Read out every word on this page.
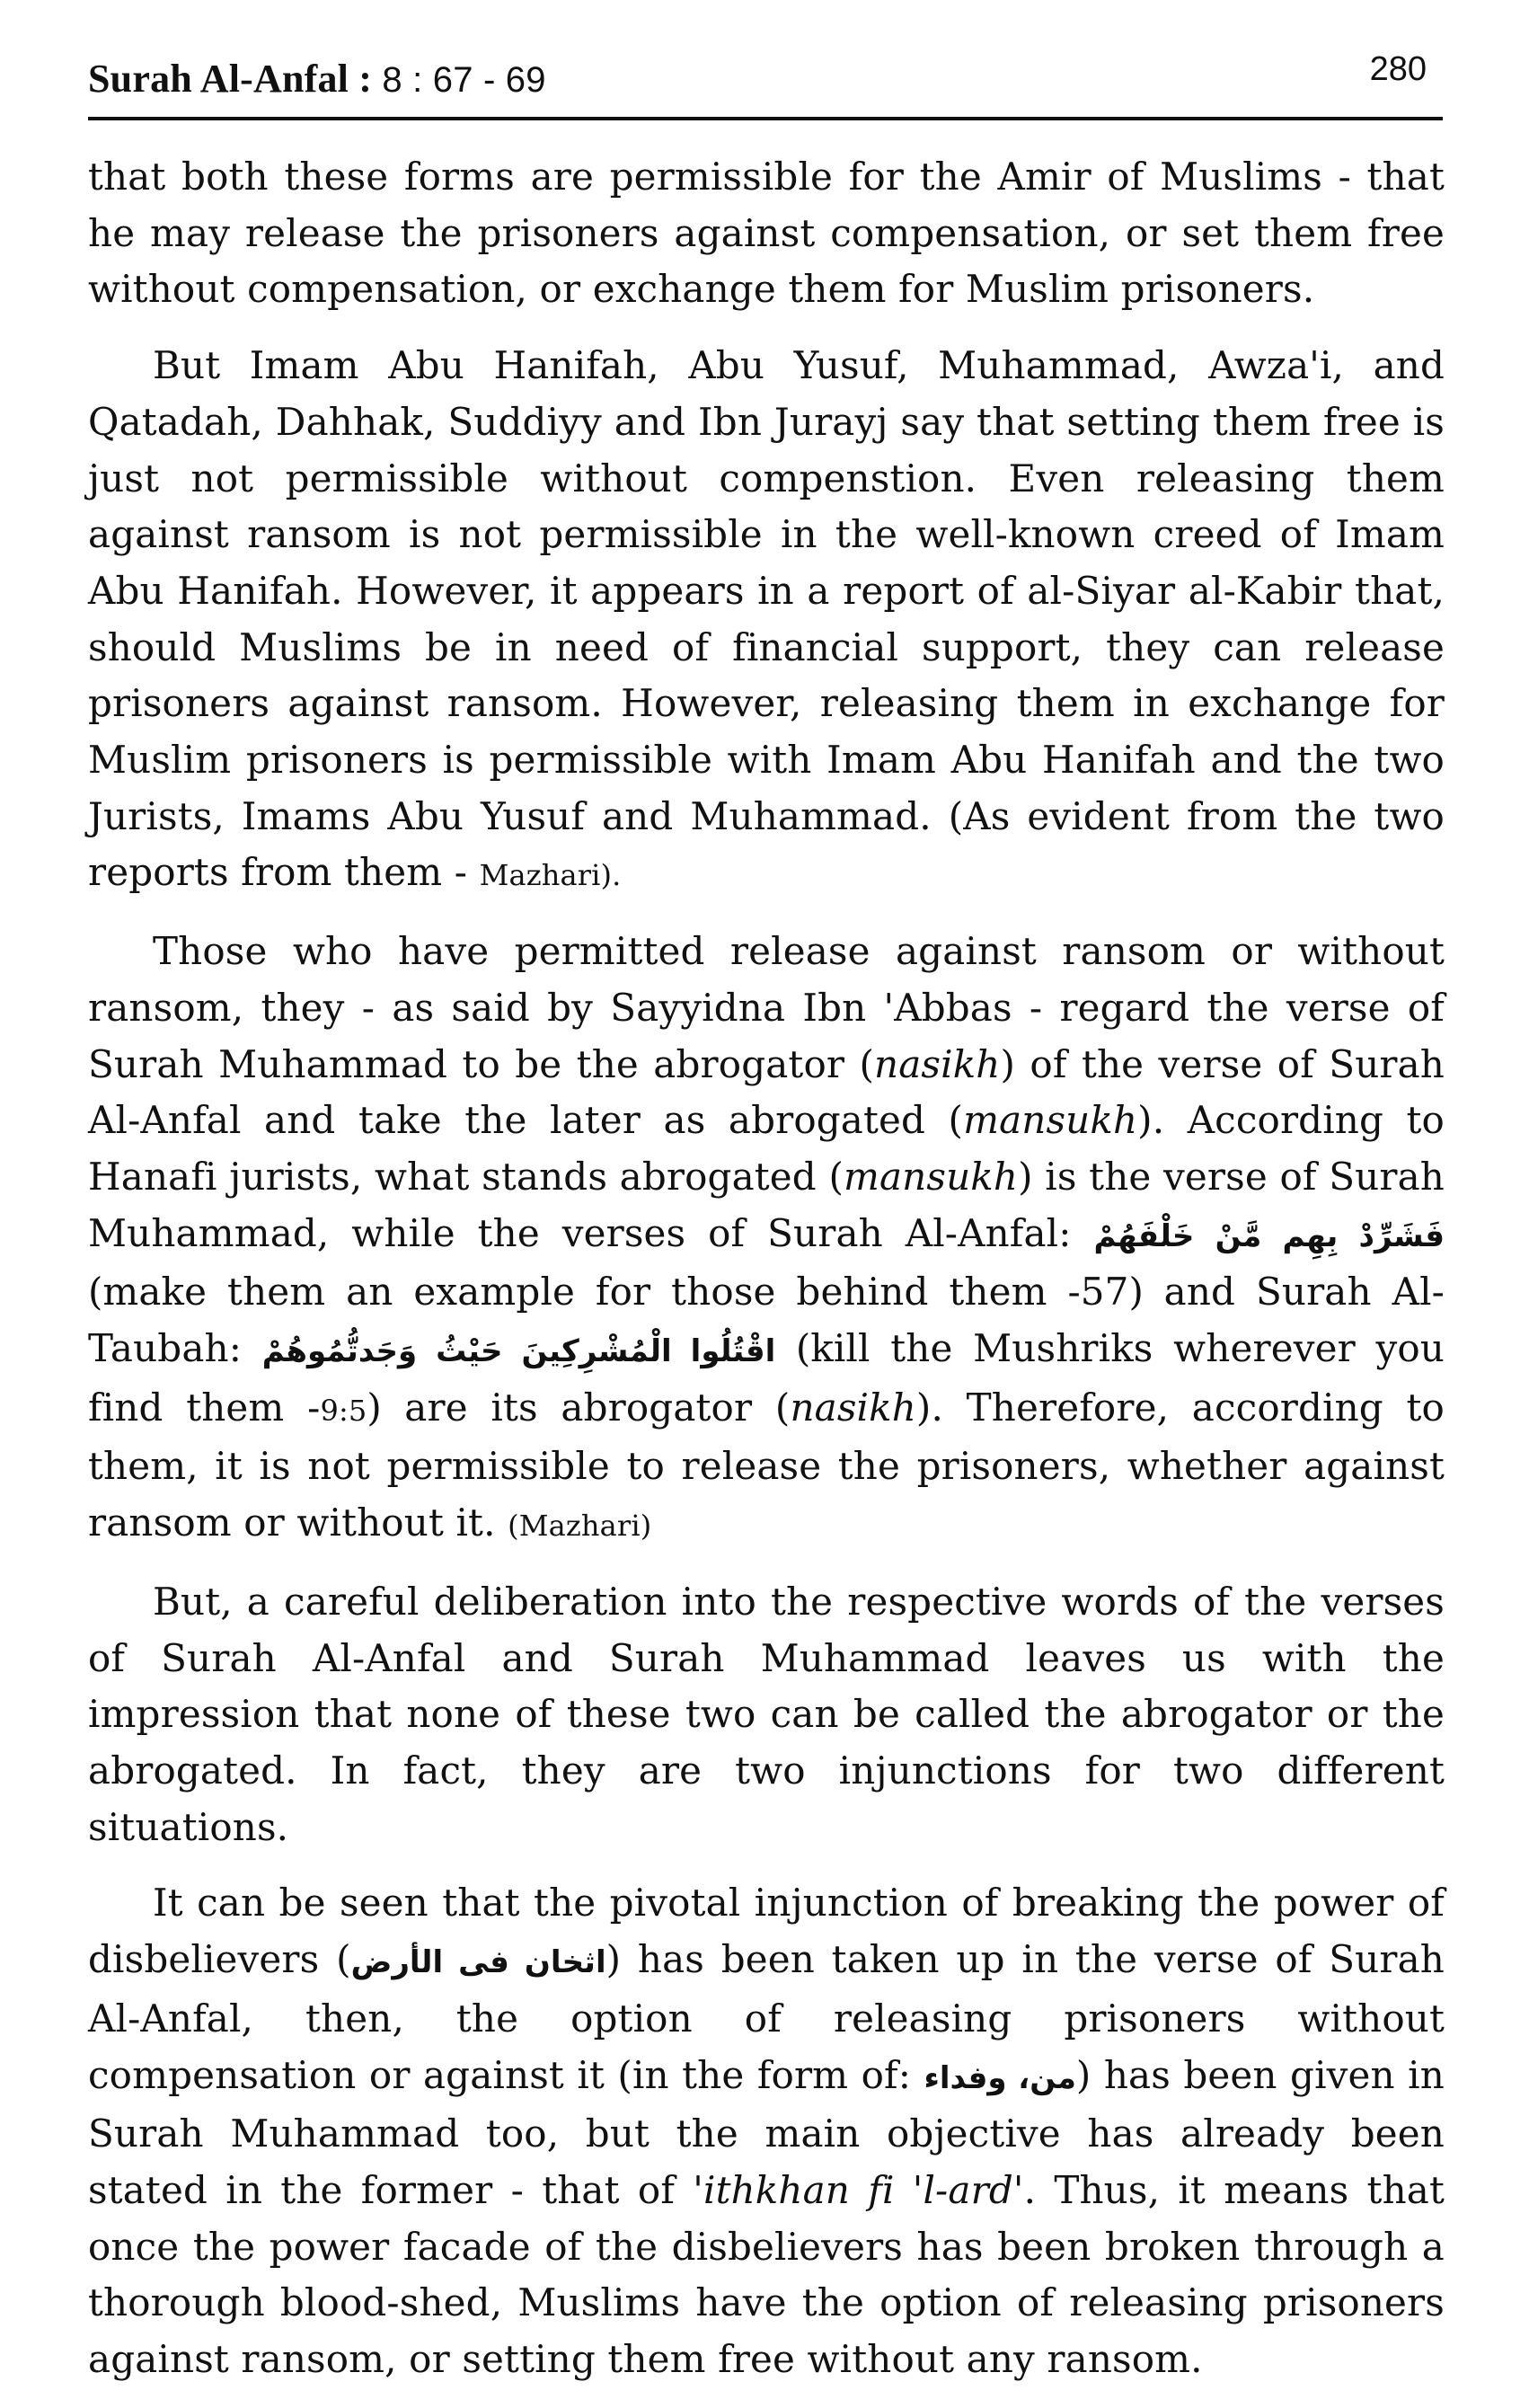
Surah Al-Anfal : 8 : 67 - 69	280

that both these forms are permissible for the Amir of Muslims - that he may release the prisoners against compensation, or set them free without compensation, or exchange them for Muslim prisoners.

But Imam Abu Hanifah, Abu Yusuf, Muhammad, Awza'i, and Qatadah, Dahhak, Suddiyy and Ibn Jurayj say that setting them free is just not permissible without compenstion. Even releasing them against ransom is not permissible in the well-known creed of Imam Abu Hanifah. However, it appears in a report of al-Siyar al-Kabir that, should Muslims be in need of financial support, they can release prisoners against ransom. However, releasing them in exchange for Muslim prisoners is permissible with Imam Abu Hanifah and the two Jurists, Imams Abu Yusuf and Muhammad. (As evident from the two reports from them - Mazhari).

Those who have permitted release against ransom or without ransom, they - as said by Sayyidna Ibn 'Abbas - regard the verse of Surah Muhammad to be the abrogator (nasikh) of the verse of Surah Al-Anfal and take the later as abrogated (mansukh). According to Hanafi jurists, what stands abrogated (mansukh) is the verse of Surah Muhammad, while the verses of Surah Al-Anfal: فَشَرِّدْ بِهِم مَّنْ خَلْفَهُمْ (make them an example for those behind them -57) and Surah Al-Taubah: اقْتُلُوا الْمُشْرِكِينَ حَيْثُ وَجَدتُّمُوهُمْ (kill the Mushriks wherever you find them -9:5) are its abrogator (nasikh). Therefore, according to them, it is not permissible to release the prisoners, whether against ransom or without it. (Mazhari)

But, a careful deliberation into the respective words of the verses of Surah Al-Anfal and Surah Muhammad leaves us with the impression that none of these two can be called the abrogator or the abrogated. In fact, they are two injunctions for two different situations.

It can be seen that the pivotal injunction of breaking the power of disbelievers (اثخان فى الأرض) has been taken up in the verse of Surah Al-Anfal, then, the option of releasing prisoners without compensation or against it (in the form of: من، وفداء) has been given in Surah Muhammad too, but the main objective has already been stated in the former - that of 'ithkhan fi 'l-ard'. Thus, it means that once the power facade of the disbelievers has been broken through a thorough blood-shed, Muslims have the option of releasing prisoners against ransom, or setting them free without any ransom.
